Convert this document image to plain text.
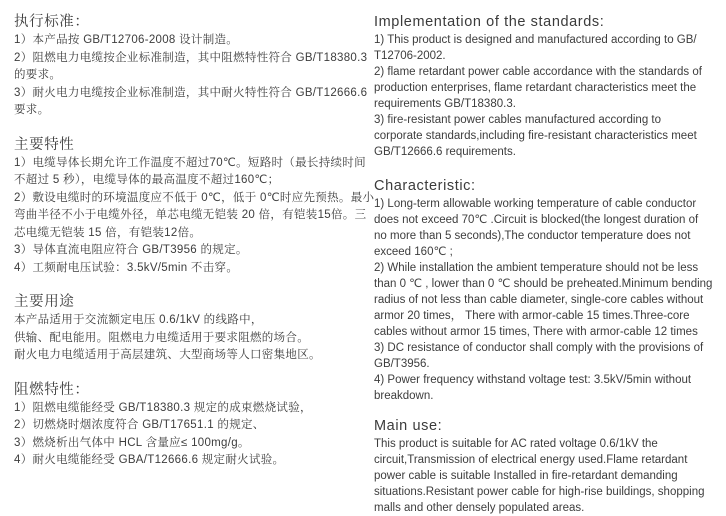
执行标准：
1）本产品按 GB/T12706-2008 设计制造。
2）阻燃电力电缆按企业标准制造，其中阻燃特性符合 GB/T18380.3
的要求。
3）耐火电力电缆按企业标准制造，其中耐火特性符合 GB/T12666.6
要求。
主要特性
1）电缆导体长期允许工作温度不超过70℃。短路时（最长持续时间
不超过 5 秒），电缆导体的最高温度不超过160℃；
2）敷设电缆时的环境温度应不低于 0℃，低于 0℃时应先预热。最小
弯曲半径不小于电缆外径，单芯电缆无铠装 20 倍，有铠装15倍。三
芯电缆无铠装 15 倍，有铠装12倍。
3）导体直流电阻应符合 GB/T3956 的规定。
4）工频耐电压试验：3.5kV/5min 不击穿。
主要用途
本产品适用于交流额定电压 0.6/1kV 的线路中，
供输、配电能用。阻燃电力电缆适用于要求阻燃的场合。
耐火电力电缆适用于高层建筑、大型商场等人口密集地区。
阻燃特性：
1）阻燃电缆能经受 GB/T18380.3 规定的成束燃烧试验，
2）切燃烧时烟浓度符合 GB/T17651.1 的规定、
3）燃烧析出气体中 HCL 含量应≤ 100mg/g。
4）耐火电缆能经受 GBA/T12666.6 规定耐火试验。
Implementation of the standards:
1) This product is designed and manufactured according to GB/
T12706-2002.
2) flame retardant power cable accordance with the standards of
production enterprises, flame retardant characteristics meet the
requirements GB/T18380.3.
3) fire-resistant power cables manufactured according to
corporate standards,including fire-resistant characteristics meet
GB/T12666.6 requirements.
Characteristic:
1) Long-term allowable working temperature of cable conductor
does not exceed 70℃ .Circuit is blocked(the longest duration of
no more than 5 seconds),The conductor temperature does not
exceed 160℃ ;
2) While installation the ambient temperature should not be less
than 0 ℃ , lower than 0 ℃ should be preheated.Minimum bending
radius of not less than cable diameter, single-core cables without
armor 20 times， There with armor-cable 15 times.Three-core
cables without armor 15 times, There with armor-cable 12 times
3) DC resistance of conductor shall comply with the provisions of
GB/T3956.
4) Power frequency withstand voltage test: 3.5kV/5min without
breakdown.
Main use:
This product is suitable for AC rated voltage 0.6/1kV the
circuit,Transmission of electrical energy used.Flame retardant
power cable is suitable Installed in fire-retardant demanding
situations.Resistant power cable for high-rise buildings, shopping
malls and other densely populated areas.
